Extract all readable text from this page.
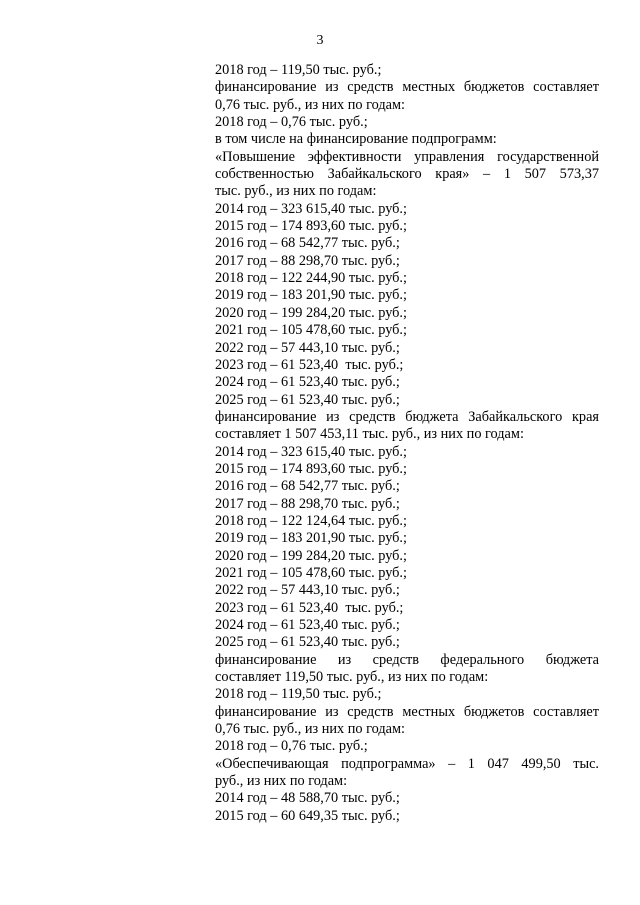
3
2018 год – 119,50 тыс. руб.;
финансирование из средств местных бюджетов составляет
0,76 тыс. руб., из них по годам:
2018 год – 0,76 тыс. руб.;
в том числе на финансирование подпрограмм:
«Повышение эффективности управления государственной
собственностью Забайкальского края» – 1 507 573,37
тыс. руб., из них по годам:
2014 год – 323 615,40 тыс. руб.;
2015 год – 174 893,60 тыс. руб.;
2016 год – 68 542,77 тыс. руб.;
2017 год – 88 298,70 тыс. руб.;
2018 год – 122 244,90 тыс. руб.;
2019 год – 183 201,90 тыс. руб.;
2020 год – 199 284,20 тыс. руб.;
2021 год – 105 478,60 тыс. руб.;
2022 год – 57 443,10 тыс. руб.;
2023 год – 61 523,40  тыс. руб.;
2024 год – 61 523,40 тыс. руб.;
2025 год – 61 523,40 тыс. руб.;
финансирование из средств бюджета Забайкальского края
составляет 1 507 453,11 тыс. руб., из них по годам:
2014 год – 323 615,40 тыс. руб.;
2015 год – 174 893,60 тыс. руб.;
2016 год – 68 542,77 тыс. руб.;
2017 год – 88 298,70 тыс. руб.;
2018 год – 122 124,64 тыс. руб.;
2019 год – 183 201,90 тыс. руб.;
2020 год – 199 284,20 тыс. руб.;
2021 год – 105 478,60 тыс. руб.;
2022 год – 57 443,10 тыс. руб.;
2023 год – 61 523,40  тыс. руб.;
2024 год – 61 523,40 тыс. руб.;
2025 год – 61 523,40 тыс. руб.;
финансирование из средств федерального бюджета
составляет 119,50 тыс. руб., из них по годам:
2018 год – 119,50 тыс. руб.;
финансирование из средств местных бюджетов составляет
0,76 тыс. руб., из них по годам:
2018 год – 0,76 тыс. руб.;
«Обеспечивающая подпрограмма» – 1 047 499,50 тыс.
руб., из них по годам:
2014 год – 48 588,70 тыс. руб.;
2015 год – 60 649,35 тыс. руб.;
